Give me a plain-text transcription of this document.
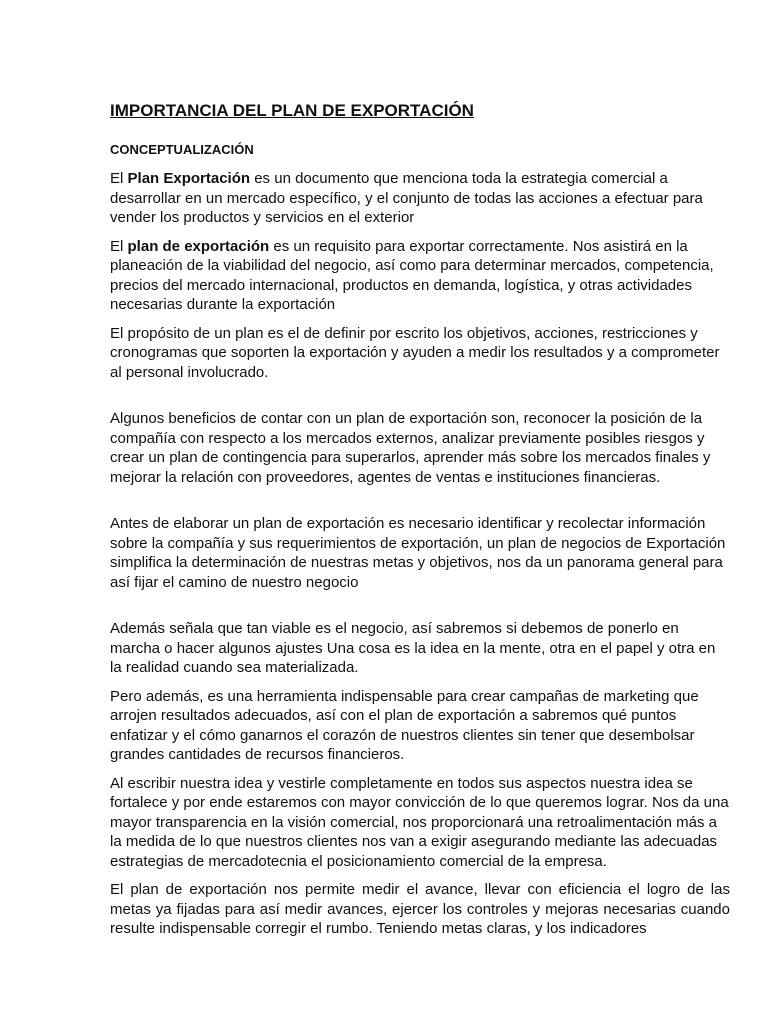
IMPORTANCIA DEL PLAN DE EXPORTACIÓN
CONCEPTUALIZACIÓN

El Plan Exportación es un documento que menciona toda la estrategia comercial a desarrollar en un mercado específico, y el conjunto de todas las acciones a efectuar para vender los productos y servicios en el exterior

El plan de exportación es un requisito para exportar correctamente. Nos asistirá en la planeación de la viabilidad del negocio, así como para determinar mercados, competencia, precios del mercado internacional, productos en demanda, logística, y otras actividades necesarias durante la exportación

El propósito de un plan es el de definir por escrito los objetivos, acciones, restricciones y cronogramas que soporten la exportación y ayuden a medir los resultados y a comprometer al personal involucrado.

Algunos beneficios de contar con un plan de exportación son, reconocer la posición de la compañía con respecto a los mercados externos, analizar previamente posibles riesgos y crear un plan de contingencia para superarlos, aprender más sobre los mercados finales y mejorar la relación con proveedores, agentes de ventas e instituciones financieras.

Antes de elaborar un plan de exportación es necesario identificar y recolectar información sobre la compañía y sus requerimientos de exportación, un plan de negocios de Exportación simplifica la determinación de nuestras metas y objetivos, nos da un panorama general para así fijar el camino de nuestro negocio

Además señala que tan viable es el negocio, así sabremos si debemos de ponerlo en marcha o hacer algunos ajustes Una cosa es la idea en la mente, otra en el papel y otra en la realidad cuando sea materializada.

Pero además, es una herramienta indispensable para crear campañas de marketing que arrojen resultados adecuados, así con el plan de exportación a sabremos qué puntos enfatizar y el cómo ganarnos el corazón de nuestros clientes sin tener que desembolsar grandes cantidades de recursos financieros.

Al escribir nuestra idea y vestirle completamente en todos sus aspectos nuestra idea se fortalece y por ende estaremos con mayor convicción de lo que queremos lograr. Nos da una mayor transparencia en la visión comercial, nos proporcionará una retroalimentación más a la medida de lo que nuestros clientes nos van a exigir asegurando mediante las adecuadas estrategias de mercadotecnia el posicionamiento comercial de la empresa.

El plan de exportación nos permite medir el avance, llevar con eficiencia el logro de las metas ya fijadas para así medir avances, ejercer los controles y mejoras necesarias cuando resulte indispensable corregir el rumbo. Teniendo metas claras, y los indicadores
